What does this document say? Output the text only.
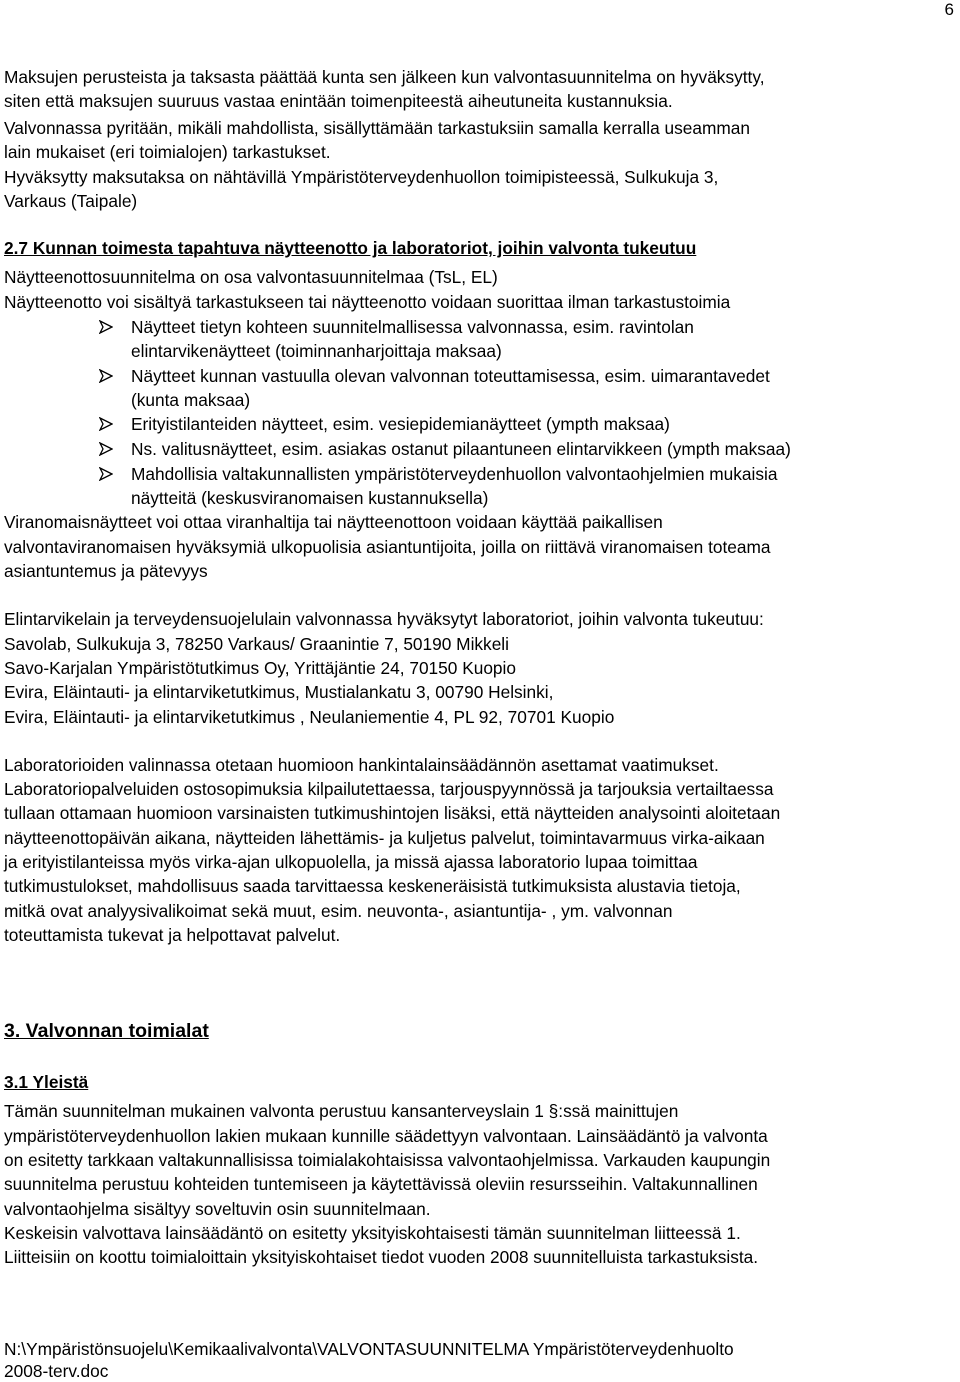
6
Maksujen perusteista ja taksasta päättää kunta sen jälkeen kun valvontasuunnitelma on hyväksytty,
siten että maksujen suuruus vastaa enintään toimenpiteestä aiheutuneita kustannuksia.
Valvonnassa pyritään, mikäli mahdollista, sisällyttämään tarkastuksiin samalla kerralla useamman
lain mukaiset (eri toimialojen) tarkastukset.
Hyväksytty maksutaksa on nähtävillä Ympäristöterveydenhuollon toimipisteessä, Sulkukuja 3,
Varkaus (Taipale)
2.7 Kunnan toimesta tapahtuva näytteenotto ja laboratoriot, joihin valvonta tukeutuu
Näytteenottosuunnitelma on osa valvontasuunnitelmaa (TsL, EL)
Näytteenotto voi sisältyä tarkastukseen tai näytteenotto voidaan suorittaa ilman tarkastustoimia
Näytteet tietyn kohteen suunnitelmallisessa valvonnassa, esim. ravintolan
elintarvikenäytteet (toiminnanharjoittaja maksaa)
Näytteet kunnan vastuulla olevan valvonnan toteuttamisessa, esim. uimarantavedet
(kunta maksaa)
Erityistilanteiden näytteet, esim. vesiepidemianäytteet (ympth maksaa)
Ns. valitusnäytteet, esim. asiakas ostanut pilaantuneen elintarvikkeen (ympth maksaa)
Mahdollisia valtakunnallisten ympäristöterveydenhuollon valvontaohjelmien mukaisia
näytteitä (keskusviranomaisen kustannuksella)
Viranomaisnäytteet voi ottaa viranhaltija tai näytteenottoon voidaan käyttää paikallisen
valvontaviranomaisen hyväksymiä ulkopuolisia asiantuntijoita, joilla on riittävä viranomaisen toteama
asiantuntemus ja pätevyys
Elintarvikelain ja terveydensuojelulain valvonnassa hyväksytyt laboratoriot, joihin valvonta tukeutuu:
Savolab, Sulkukuja 3, 78250 Varkaus/ Graanintie 7, 50190 Mikkeli
Savo-Karjalan Ympäristötutkimus Oy, Yrittäjäntie 24, 70150 Kuopio
Evira, Eläintauti- ja elintarviketutkimus, Mustialankatu 3, 00790 Helsinki,
Evira, Eläintauti- ja elintarviketutkimus , Neulaniementie 4, PL 92, 70701 Kuopio
Laboratorioiden valinnassa otetaan huomioon hankintalainsäädännön asettamat vaatimukset.
Laboratoriopalveluiden ostosopimuksia kilpailutettaessa, tarjouspyynnössä ja tarjouksia vertailtaessa
tullaan ottamaan huomioon varsinaisten tutkimushintojen lisäksi, että näytteiden analysointi aloitetaan
näytteenottopäivän aikana, näytteiden lähettämis- ja kuljetus palvelut, toimintavarmuus virka-aikaan
ja erityistilanteissa myös virka-ajan ulkopuolella, ja missä ajassa laboratorio lupaa toimittaa
tutkimustulokset, mahdollisuus saada tarvittaessa keskeneräisistä tutkimuksista alustavia tietoja,
mitkä ovat analyysivalikoimat sekä muut, esim. neuvonta-, asiantuntija- , ym. valvonnan
toteuttamista tukevat ja helpottavat palvelut.
3. Valvonnan toimialat
3.1 Yleistä
Tämän suunnitelman mukainen valvonta perustuu kansanterveyslain 1 §:ssä mainittujen
ympäristöterveydenhuollon lakien mukaan kunnille säädettyyn valvontaan. Lainsäädäntö ja valvonta
on esitetty tarkkaan valtakunnallisissa toimialakohtaisissa valvontaohjelmissa. Varkauden kaupungin
suunnitelma perustuu kohteiden tuntemiseen ja käytettävissä oleviin resursseihin. Valtakunnallinen
valvontaohjelma sisältyy soveltuvin osin suunnitelmaan.
Keskeisin valvottava lainsäädäntö on esitetty yksityiskohtaisesti tämän suunnitelman liitteessä 1.
Liitteisiin on koottu toimialoittain yksityiskohtaiset tiedot vuoden 2008 suunnitelluista tarkastuksista.
N:\Ympäristönsuojelu\Kemikaalivalvonta\VALVONTASUUNNITELMA Ympäristöterveydenhuolto
2008-terv.doc
